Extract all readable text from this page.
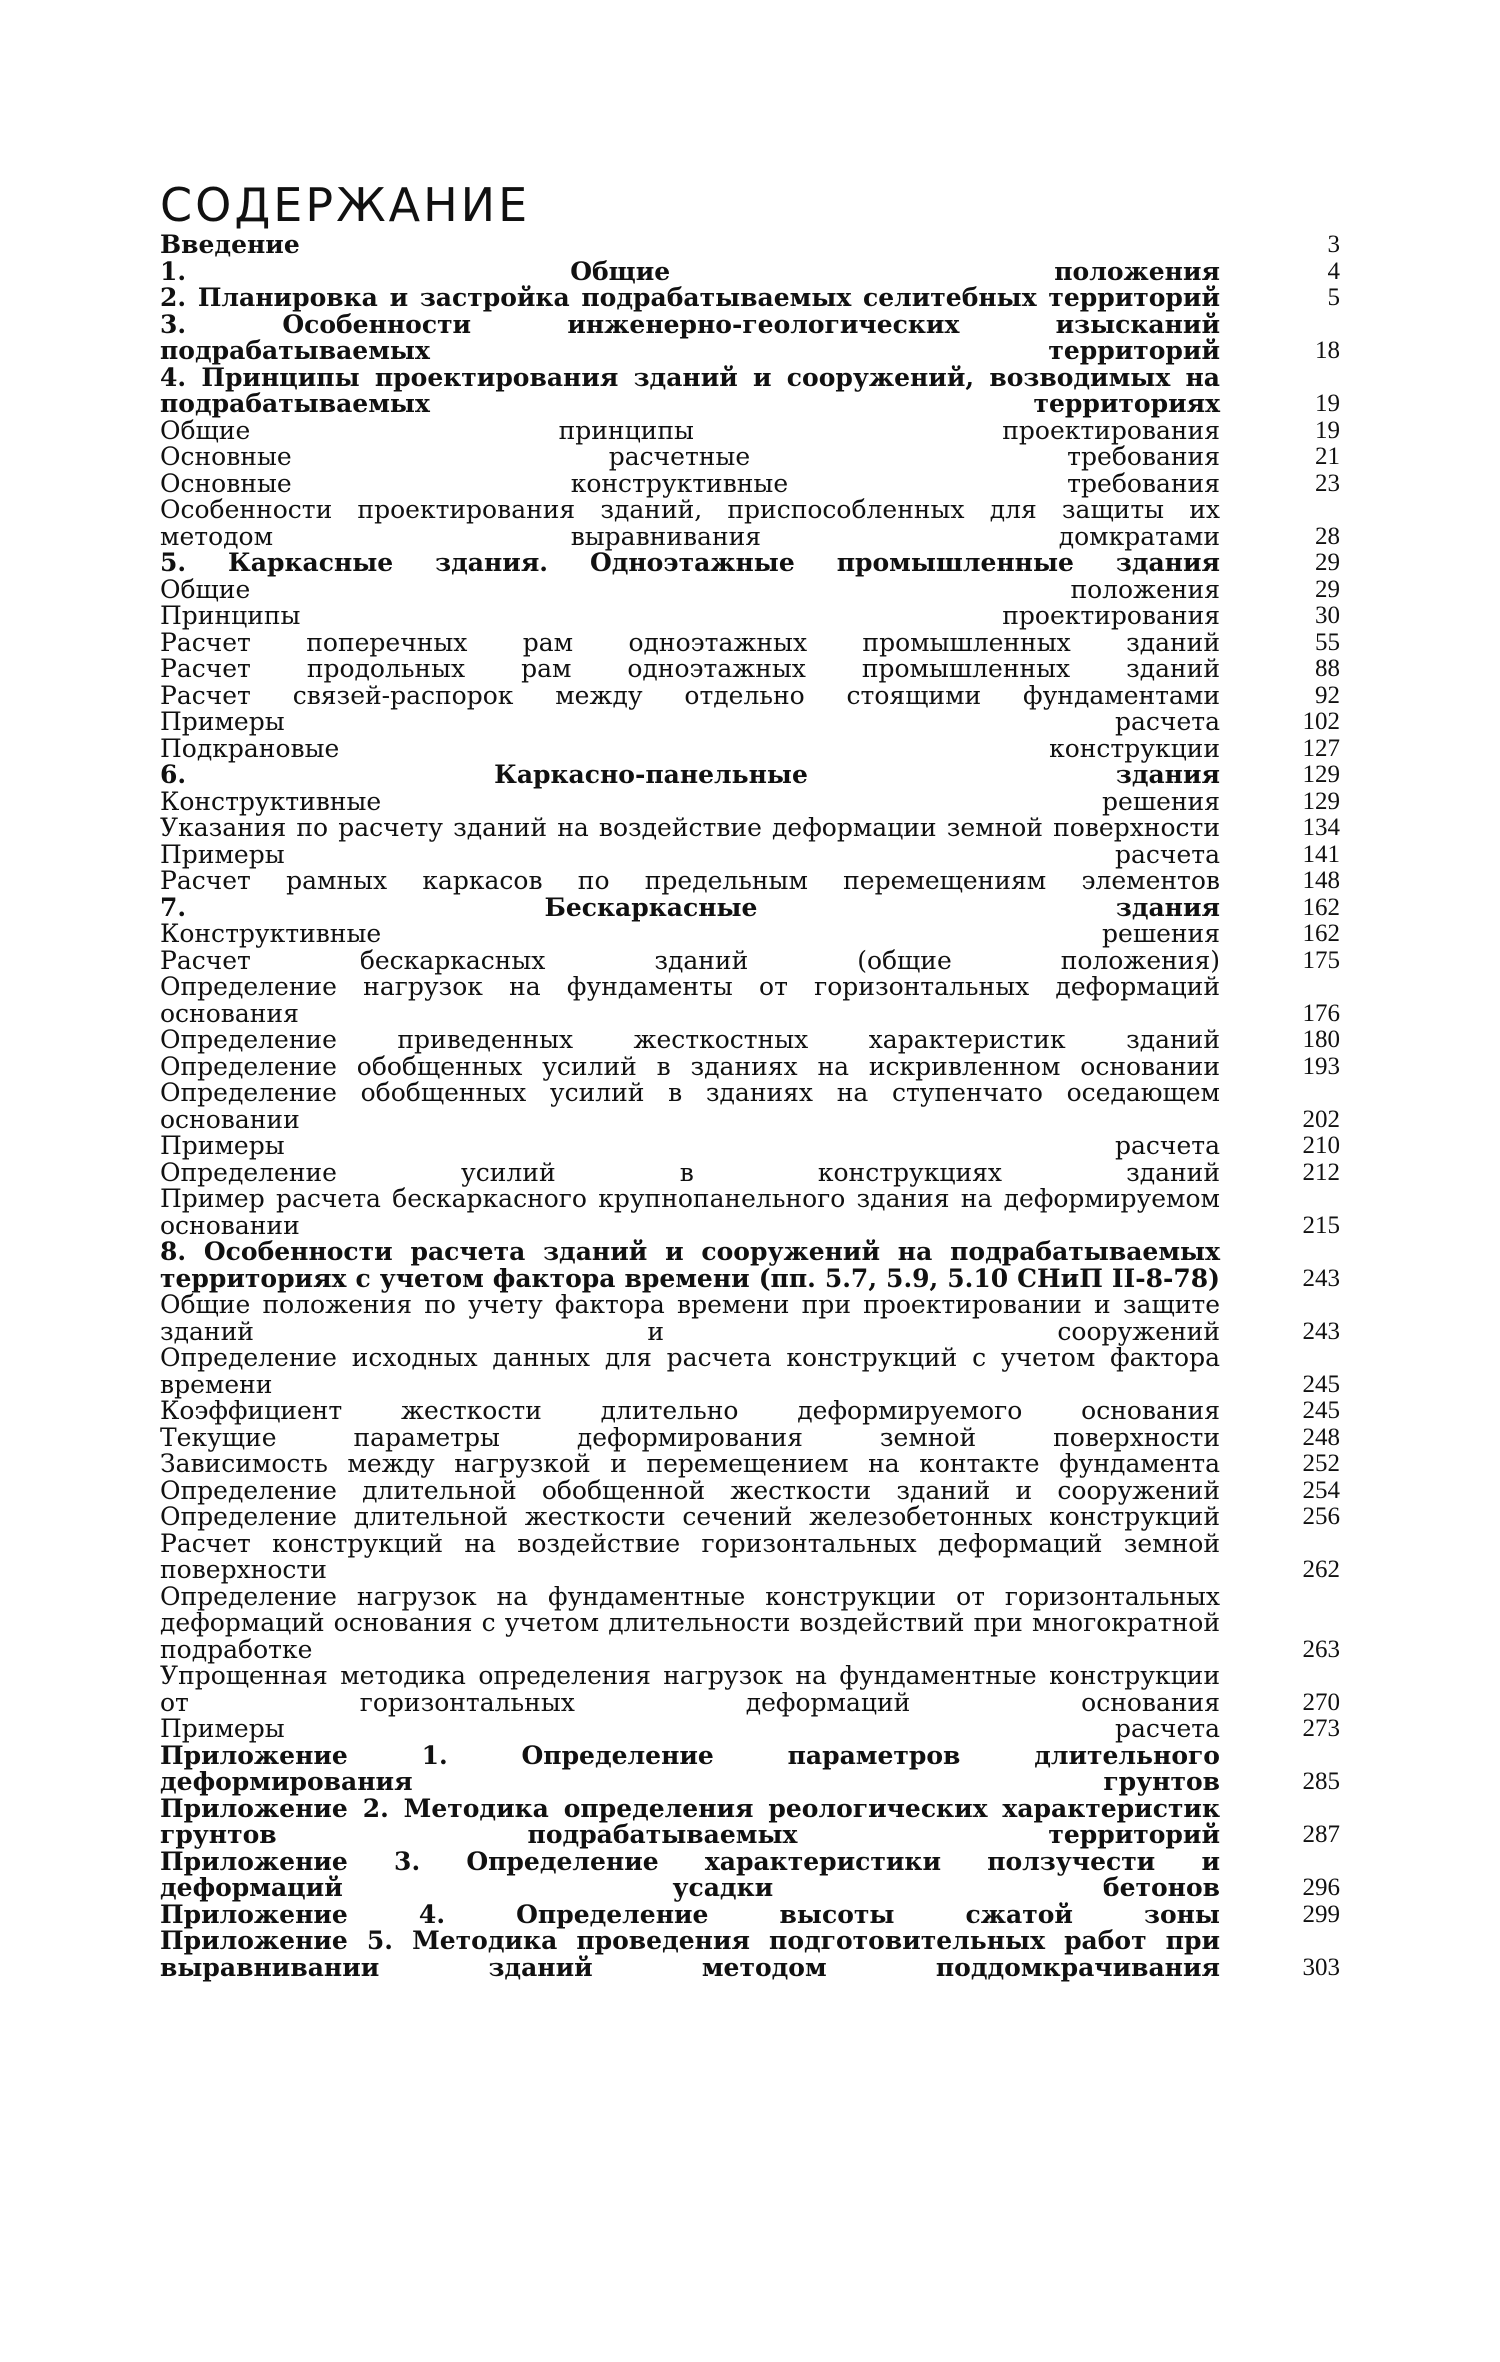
СОДЕРЖАНИЕ
Введение	3
1. Общие положения	4
2. Планировка и застройка подрабатываемых селитебных территорий	5
3. Особенности инженерно-геологических изысканий подрабатываемых территорий	18
4. Принципы проектирования зданий и сооружений, возводимых на подрабатываемых территориях	19
Общие принципы проектирования	19
Основные расчетные требования	21
Основные конструктивные требования	23
Особенности проектирования зданий, приспособленных для защиты их методом выравнивания домкратами	28
5. Каркасные здания. Одноэтажные промышленные здания	29
Общие положения	29
Принципы проектирования	30
Расчет поперечных рам одноэтажных промышленных зданий	55
Расчет продольных рам одноэтажных промышленных зданий	88
Расчет связей-распорок между отдельно стоящими фундаментами	92
Примеры расчета	102
Подкрановые конструкции	127
6. Каркасно-панельные здания	129
Конструктивные решения	129
Указания по расчету зданий на воздействие деформации земной поверхности	134
Примеры расчета	141
Расчет рамных каркасов по предельным перемещениям элементов	148
7. Бескаркасные здания	162
Конструктивные решения	162
Расчет бескаркасных зданий (общие положения)	175
Определение нагрузок на фундаменты от горизонтальных деформаций основания	176
Определение приведенных жесткостных характеристик зданий	180
Определение обобщенных усилий в зданиях на искривленном основании	193
Определение обобщенных усилий в зданиях на ступенчато оседающем основании	202
Примеры расчета	210
Определение усилий в конструкциях зданий	212
Пример расчета бескаркасного крупнопанельного здания на деформируемом основании	215
8. Особенности расчета зданий и сооружений на подрабатываемых территориях с учетом фактора времени (пп. 5.7, 5.9, 5.10 СНиП II-8-78)	243
Общие положения по учету фактора времени при проектировании и защите зданий и сооружений	243
Определение исходных данных для расчета конструкций с учетом фактора времени	245
Коэффициент жесткости длительно деформируемого основания	245
Текущие параметры деформирования земной поверхности	248
Зависимость между нагрузкой и перемещением на контакте фундамента	252
Определение длительной обобщенной жесткости зданий и сооружений	254
Определение длительной жесткости сечений железобетонных конструкций	256
Расчет конструкций на воздействие горизонтальных деформаций земной поверхности	262
Определение нагрузок на фундаментные конструкции от горизонтальных деформаций основания с учетом длительности воздействий при многократной подработке	263
Упрощенная методика определения нагрузок на фундаментные конструкции от горизонтальных деформаций основания	270
Примеры расчета	273
Приложение 1. Определение параметров длительного деформирования грунтов	285
Приложение 2. Методика определения реологических характеристик грунтов подрабатываемых территорий	287
Приложение 3. Определение характеристики ползучести и деформаций усадки бетонов	296
Приложение 4. Определение высоты сжатой зоны	299
Приложение 5. Методика проведения подготовительных работ при выравнивании зданий методом поддомкрачивания	303
